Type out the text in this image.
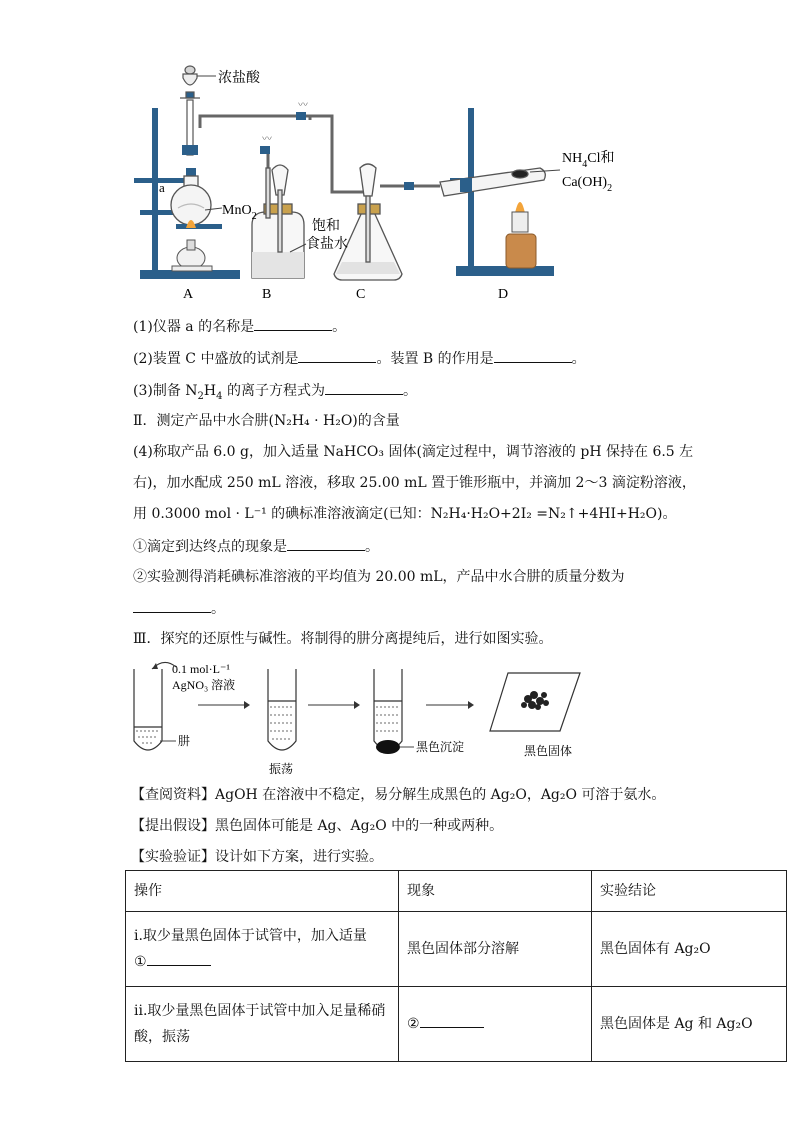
〰
〰
浓盐酸
a
MnO$_2$
饱和
食盐水
$NH_4Cl$和
$Ca(OH)_2$
A	B	C	D
(1)仪器 a 的名称是	。
(2)装置 C 中盛放的试剂是	。装置 B 的作用是	。
(3)制备 $N_2H_4$ 的离子方程式为	。
Ⅱ．测定产品中水合肼(N₂H₄ · H₂O)的含量
(4)称取产品 6.0 g，加入适量 NaHCO₃ 固体(滴定过程中，调节溶液的 pH 保持在 6.5 左
右)，加水配成 250 mL 溶液，移取 25.00 mL 置于锥形瓶中，并滴加 2～3 滴淀粉溶液，
用 0.3000 mol · L⁻¹ 的碘标准溶液滴定(已知：N₂H₄·H₂O+2I₂ =N₂↑+4HI+H₂O)。
①滴定到达终点的现象是	。
②实验测得消耗碘标准溶液的平均值为 20.00 mL，产品中水合肼的质量分数为
。
Ⅲ．探究的还原性与碱性。将制得的肼分离提纯后，进行如图实验。
0.1 mol·L⁻¹
AgNO₃ 溶液
肼
振荡
黑色沉淀	黑色固体
【查阅资料】AgOH 在溶液中不稳定，易分解生成黑色的 Ag₂O，Ag₂O 可溶于氨水。
【提出假设】黑色固体可能是 Ag、Ag₂O 中的一种或两种。
【实验验证】设计如下方案，进行实验。
操作	现象	实验结论

i.取少量黑色固体于试管中，加入适量
①	黑色固体部分溶解	黑色固体有 Ag₂O

ii.取少量黑色固体于试管中加入足量稀硝
酸，振荡	②	黑色固体是 Ag 和 Ag₂O
